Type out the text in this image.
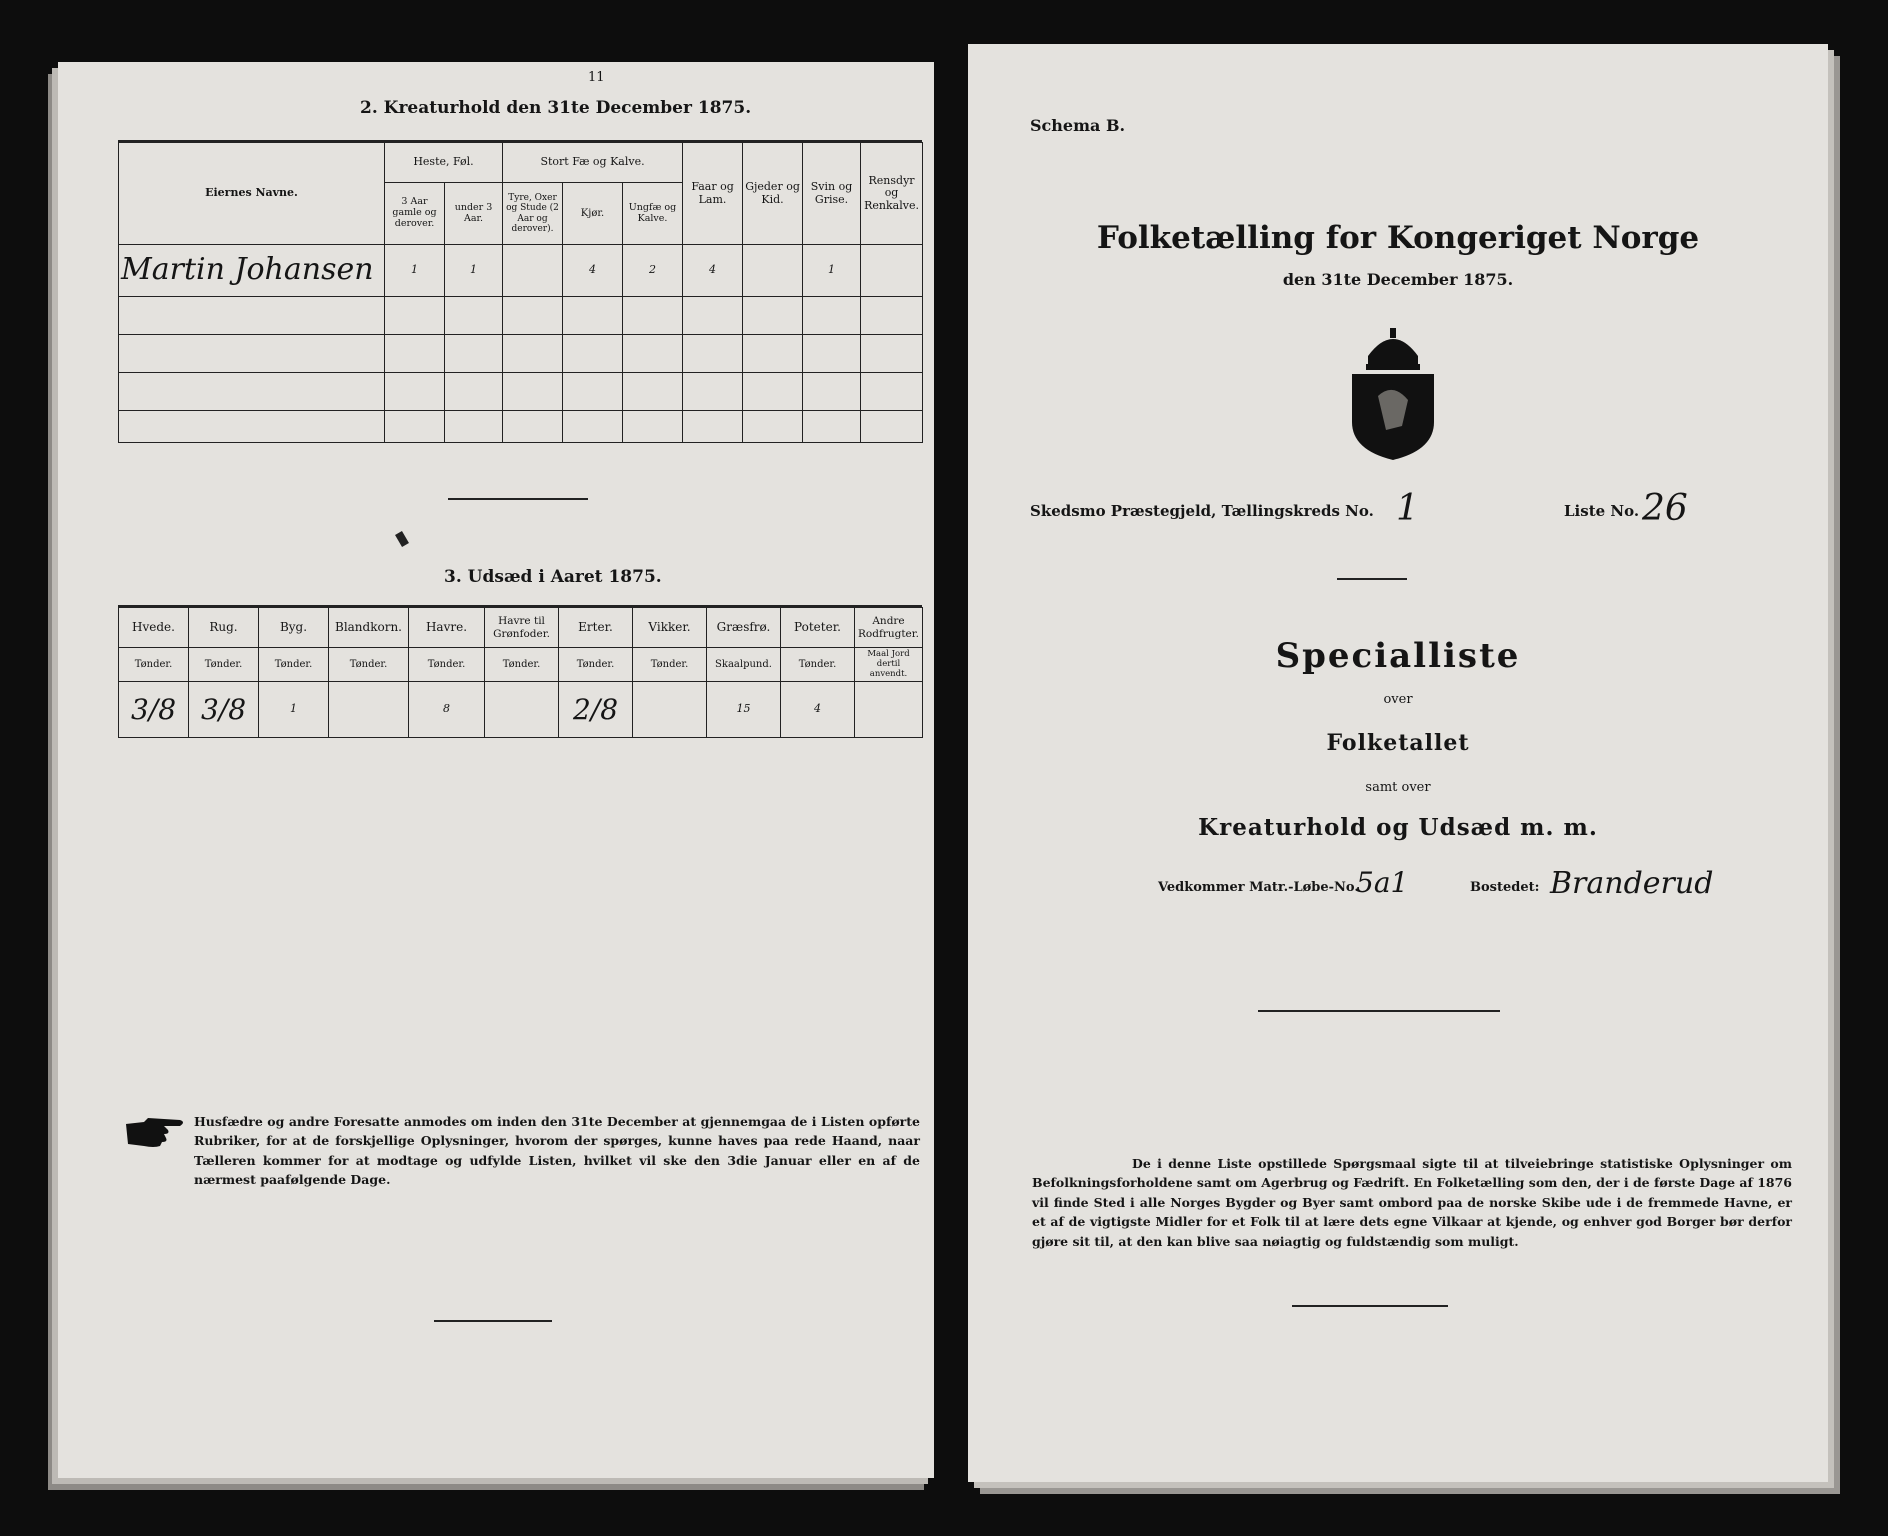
11
2. Kreaturhold den 31te December 1875.
Eiernes Navne.	Heste, Føl.		Stort Fæ og Kalve.			Faar og Lam.	Gjeder og Kid.	Svin og Grise.	Rensdyr og Renkalve.
	3 Aar gamle og derover.	under 3 Aar.	Tyre, Oxer og Stude (2 Aar og derover).	Kjør.	Ungfæ og Kalve.				
Martin Johansen	1	1		4	2	4		1	

3. Udsæd i Aaret 1875.
Hvede.	Rug.	Byg.	Blandkorn.	Havre.	Havre til Grønfoder.	Erter.	Vikker.	Græsfrø.	Poteter.	Andre Rodfrugter.
Tønder.	Tønder.	Tønder.	Tønder.	Tønder.	Tønder.	Tønder.	Tønder.	Skaalpund.	Tønder.	Maal Jord dertil anvendt.
3/8	3/8	1		8		2/8		15	4	
Husfædre og andre Foresatte anmodes om inden den 31te December at gjennemgaa de i Listen opførte Rubriker, for at de forskjellige Oplysninger, hvorom der spørges, kunne haves paa rede Haand, naar Tælleren kommer for at modtage og udfylde Listen, hvilket vil ske den 3die Januar eller en af de nærmest paafølgende Dage.
Schema B.
Folketælling for Kongeriget Norge
den 31te December 1875.
Skedsmo Præstegjeld, Tællingskreds No. 1	Liste No. 26
Specialliste
over
Folketallet
samt over
Kreaturhold og Udsæd m. m.
Vedkommer Matr.-Løbe-No.
5a1	Bostedet: Branderud
De i denne Liste opstillede Spørgsmaal sigte til at tilveiebringe statistiske Oplysninger om Befolkningsforholdene samt om Agerbrug og Fædrift. En Folketælling som den, der i de første Dage af 1876 vil finde Sted i alle Norges Bygder og Byer samt ombord paa de norske Skibe ude i de fremmede Havne, er et af de vigtigste Midler for et Folk til at lære dets egne Vilkaar at kjende, og enhver god Borger bør derfor gjøre sit til, at den kan blive saa nøiagtig og fuldstændig som muligt.
